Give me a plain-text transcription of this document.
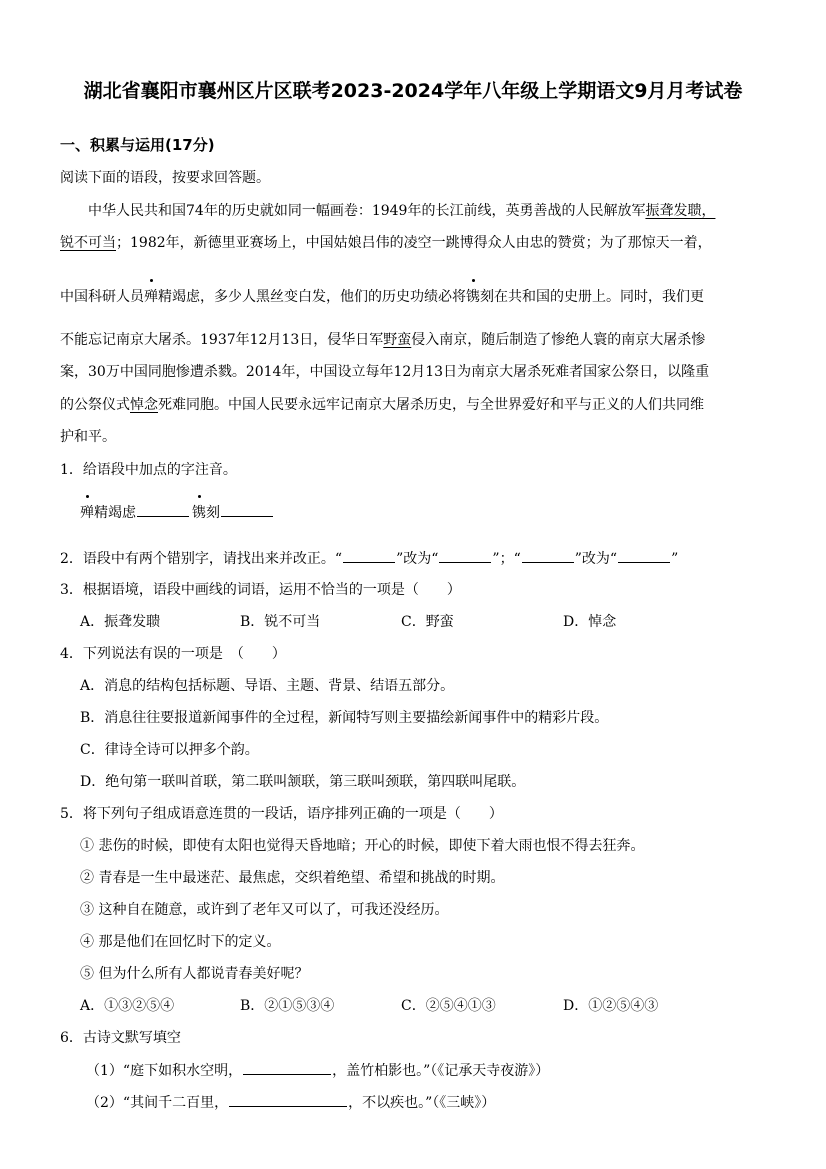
湖北省襄阳市襄州区片区联考2023-2024学年八年级上学期语文9月月考试卷
一、积累与运用(17分)
阅读下面的语段，按要求回答题。
中华人民共和国74年的历史就如同一幅画卷：1949年的长江前线，英勇善战的人民解放军振聋发聩，
锐不可当；1982年，新德里亚赛场上，中国姑娘吕伟的凌空一跳博得众人由忠的赞赏；为了那惊天一着，
中国科研人员殚精竭虑，多少人黑丝变白发，他们的历史功绩必将镌刻在共和国的史册上。同时，我们更
不能忘记南京大屠杀。1937年12月13日，侵华日军野蛮侵入南京，随后制造了惨绝人寰的南京大屠杀惨
案，30万中国同胞惨遭杀戮。2014年，中国设立每年12月13日为南京大屠杀死难者国家公祭日，以隆重
的公祭仪式悼念死难同胞。中国人民要永远牢记南京大屠杀历史，与全世界爱好和平与正义的人们共同维
护和平。
1．给语段中加点的字注音。
殚精竭虑	镌刻
2．语段中有两个错别字，请找出来并改正。“	”改为“	”；“	”改为“	”
3．根据语境，语段中画线的词语，运用不恰当的一项是（　　）
A．振聋发聩	B．锐不可当	C．野蛮	D．悼念
4．下列说法有误的一项是　（　　）
A．消息的结构包括标题、导语、主题、背景、结语五部分。
B．消息往往要报道新闻事件的全过程，新闻特写则主要描绘新闻事件中的精彩片段。
C．律诗全诗可以押多个韵。
D．绝句第一联叫首联，第二联叫颔联，第三联叫颈联，第四联叫尾联。
5．将下列句子组成语意连贯的一段话，语序排列正确的一项是（　　）
① 悲伤的时候，即使有太阳也觉得天昏地暗；开心的时候，即使下着大雨也恨不得去狂奔。
② 青春是一生中最迷茫、最焦虑，交织着绝望、希望和挑战的时期。
③ 这种自在随意，或许到了老年又可以了，可我还没经历。
④ 那是他们在回忆时下的定义。
⑤ 但为什么所有人都说青春美好呢？
A．①③②⑤④	B．②①⑤③④	C．②⑤④①③	D．①②⑤④③
6．古诗文默写填空
（1）“庭下如积水空明，	，盖竹柏影也。”（《记承天寺夜游》）
（2）“其间千二百里，	，不以疾也。”（《三峡》）
